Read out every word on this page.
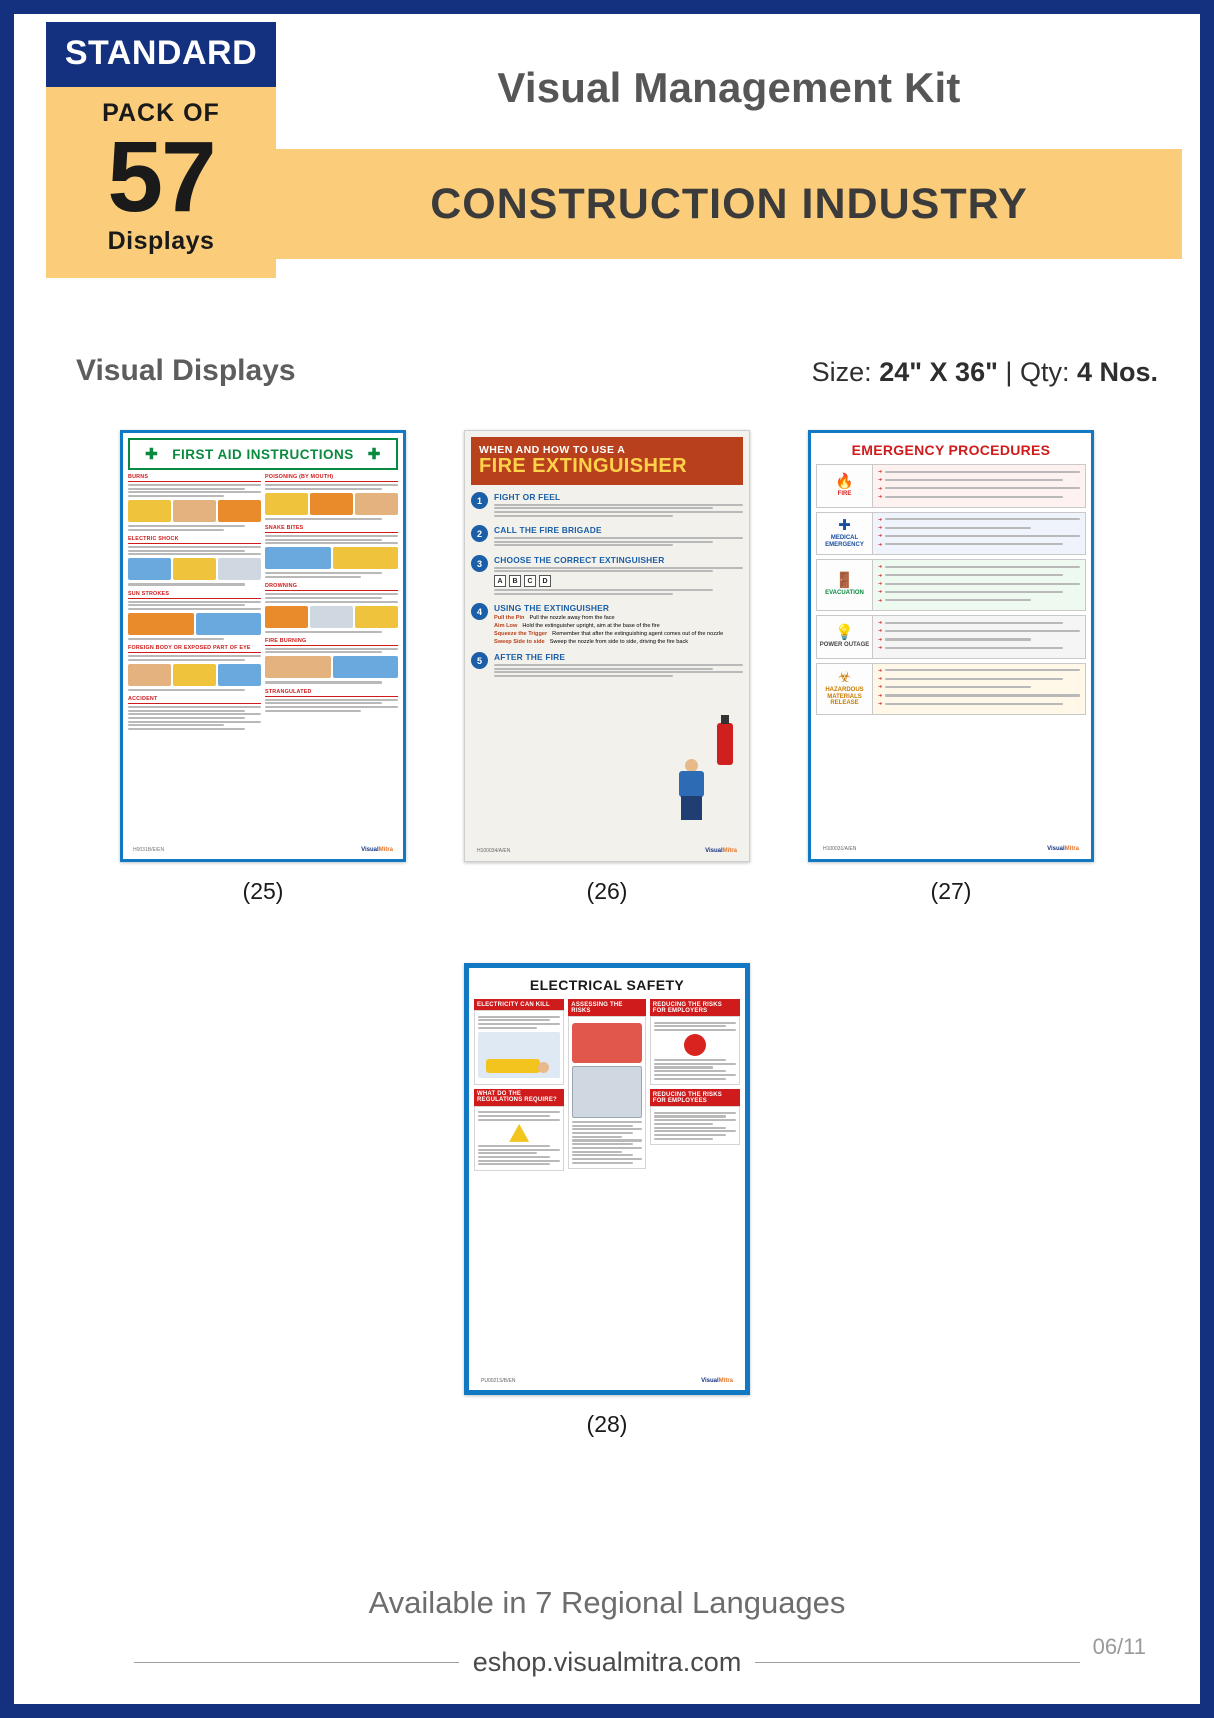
STANDARD
PACK OF
57
Displays
Visual Management Kit
CONSTRUCTION INDUSTRY
Visual Displays	Size: 24" X 36" | Qty: 4 Nos.
✚ FIRST AID INSTRUCTIONS ✚
BURNS
ELECTRIC SHOCK
SUN STROKES
FOREIGN BODY OR EXPOSED PART OF EYE
ACCIDENT
POISONING (BY MOUTH)
SNAKE BITES
DROWNING
FIRE BURNING
STRANGULATED
H0031B/E/EN	VisualMitra
(25)
WHEN AND HOW TO USE A
FIRE EXTINGUISHER
1	FIGHT OR FEEL
2	CALL THE FIRE BRIGADE
3	CHOOSE THE CORRECT EXTINGUISHER
A	B	C	D
4	USING THE EXTINGUISHER
Pull the Pin Pull the nozzle away from the face
Aim Low Hold the extinguisher upright, aim at the base of the fire
Squeeze the Trigger Remember that after the extinguishing agent comes out of the nozzle
Sweep Side to side Sweep the nozzle from side to side, driving the fire back
5	AFTER THE FIRE
H100034/A/EN	VisualMitra
(26)
EMERGENCY PROCEDURES
🔥
FIRE
➜
➜
➜
➜
✚
MEDICAL EMERGENCY
➜
➜
➜
➜
🚪
EVACUATION
➜
➜
➜
➜
➜
💡
POWER OUTAGE
➜
➜
➜
➜
☣
HAZARDOUS MATERIALS RELEASE
➜
➜
➜
➜
➜
H100031/A/EN	VisualMitra
(27)
ELECTRICAL SAFETY
ELECTRICITY CAN KILL
WHAT DO THE REGULATIONS REQUIRE?
ASSESSING THE RISKS
REDUCING THE RISKS FOR EMPLOYERS
REDUCING THE RISKS FOR EMPLOYEES
PU0021S/B/EN	VisualMitra
(28)
Available in 7 Regional Languages
eshop.visualmitra.com
06/11
